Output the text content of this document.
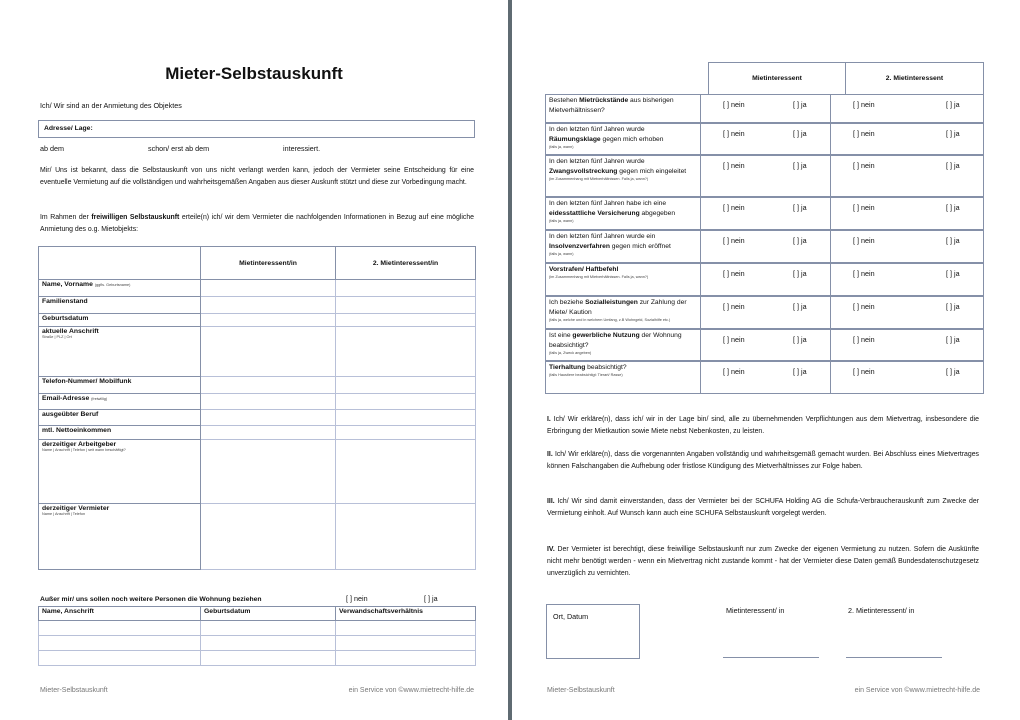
Mieter-Selbstauskunft
Ich/ Wir sind an der Anmietung des Objektes
Adresse/ Lage:
ab dem	schon/ erst ab dem	interessiert.
Mir/ Uns ist bekannt, dass die Selbstauskunft von uns nicht verlangt werden kann, jedoch der Vermieter seine Entscheidung für eine eventuelle Vermietung auf die vollständigen und wahrheitsgemäßen Angaben aus dieser Auskunft stützt und diese zur Vorbedingung macht.
Im Rahmen der freiwilligen Selbstauskunft erteile(n) ich/ wir dem Vermieter die nachfolgenden Informationen in Bezug auf eine mögliche Anmietung des o.g. Mietobjekts:
	Mietinteressent/in	2. Mietinteressent/in
Name, Vorname (ggfls. Geburtsname)		
Familienstand		
Geburtsdatum		

aktuelle Anschrift
Straße | PLZ | Ort		

Telefon-Nummer/ Mobilfunk		
Email-Adresse (freiwillig)		
ausgeübter Beruf		
mtl. Nettoeinkommen		

derzeitiger Arbeitgeber
Name | Anschrift | Telefon | seit wann beschäftigt?		

derzeitiger Vermieter
Name | Anschrift | Telefon		

Außer mir/ uns sollen noch weitere Personen die Wohnung beziehen	[ ] nein	[ ] ja
Name, Anschrift	Geburtsdatum	Verwandschaftsverhältnis

Mieter-Selbstauskunft	ein Service von ©www.mietrecht-hilfe.de
	Mietinteressent	2. Mietinteressent
Bestehen Mietrückstände aus bisherigen Mietverhältnissen?
[ ] nein	[ ] ja	[ ] nein	[ ] ja
In den letzten fünf Jahren wurde Räumungsklage gegen mich erhoben
(falls ja, wann)
[ ] nein	[ ] ja	[ ] nein	[ ] ja
In den letzten fünf Jahren wurde Zwangsvollstreckung gegen mich eingeleitet
(im Zusammenhang mit Mietverhältnissen. Falls ja, wann?)
[ ] nein	[ ] ja	[ ] nein	[ ] ja
In den letzten fünf Jahren habe ich eine eidesstattliche Versicherung abgegeben
(falls ja, wann)
[ ] nein	[ ] ja	[ ] nein	[ ] ja
In den letzten fünf Jahren wurde ein Insolvenzverfahren gegen mich eröffnet
(falls ja, wann)
[ ] nein	[ ] ja	[ ] nein	[ ] ja
Vorstrafen/ Haftbefehl
(im Zusammenhang mit Mietverhältnissen. Falls ja, wann?)	[ ] nein	[ ] ja	[ ] nein	[ ] ja
Ich beziehe Sozialleistungen zur Zahlung der Miete/ Kaution
(falls ja, welche und in welchem Umfang, z.B Wohngeld, Sozialhilfe etc.)
[ ] nein	[ ] ja	[ ] nein	[ ] ja
Ist eine gewerbliche Nutzung der Wohnung beabsichtigt?
(falls ja, Zweck angeben)
[ ] nein	[ ] ja	[ ] nein	[ ] ja
Tierhaltung beabsichtigt?
(falls Haustiere beabsichtigt: Tierart/ Rasse)	[ ] nein	[ ] ja	[ ] nein	[ ] ja
I. Ich/ Wir erkläre(n), dass ich/ wir in der Lage bin/ sind, alle zu übernehmenden Verpflichtungen aus dem Mietvertrag, insbesondere die Erbringung der Mietkaution sowie Miete nebst Nebenkosten, zu leisten.
II. Ich/ Wir erkläre(n), dass die vorgenannten Angaben vollständig und wahrheitsgemäß gemacht wurden. Bei Abschluss eines Mietvertrages können Falschangaben die Aufhebung oder fristlose Kündigung des Mietverhältnisses zur Folge haben.
III. Ich/ Wir sind damit einverstanden, dass der Vermieter bei der SCHUFA Holding AG die Schufa-Verbraucherauskunft zum Zwecke der Vermietung einholt. Auf Wunsch kann auch eine SCHUFA Selbstauskunft vorgelegt werden.
IV. Der Vermieter ist berechtigt, diese freiwillige Selbstauskunft nur zum Zwecke der eigenen Vermietung zu nutzen. Sofern die Auskünfte nicht mehr benötigt werden - wenn ein Mietvertrag nicht zustande kommt - hat der Vermieter diese Daten gemäß Bundesdatenschutzgesetz unverzüglich zu vernichten.
Ort, Datum
Mietinteressent/ in	2. Mietinteressent/ in
Mieter-Selbstauskunft	ein Service von ©www.mietrecht-hilfe.de
